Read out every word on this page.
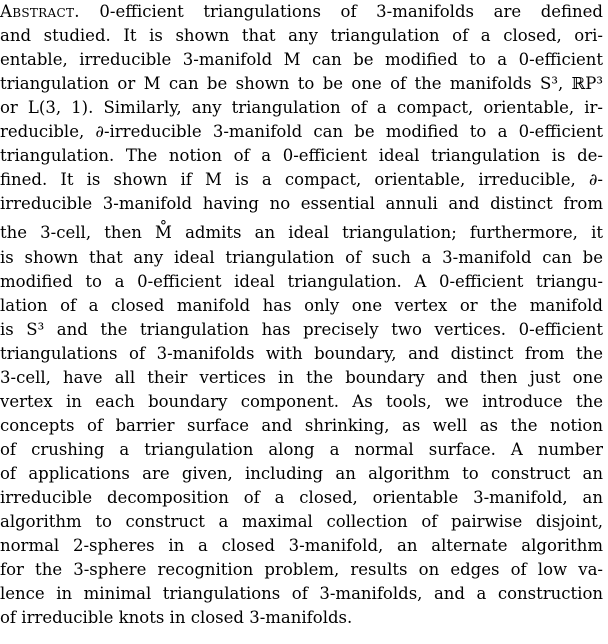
Abstract. 0-efficient triangulations of 3-manifolds are defined
and studied. It is shown that any triangulation of a closed, ori-
entable, irreducible 3-manifold M can be modified to a 0-efficient
triangulation or M can be shown to be one of the manifolds S³, ℝP³
or L(3, 1). Similarly, any triangulation of a compact, orientable, ir-
reducible, ∂-irreducible 3-manifold can be modified to a 0-efficient
triangulation. The notion of a 0-efficient ideal triangulation is de-
fined. It is shown if M is a compact, orientable, irreducible, ∂-
irreducible 3-manifold having no essential annuli and distinct from
the 3-cell, then M̊ admits an ideal triangulation; furthermore, it
is shown that any ideal triangulation of such a 3-manifold can be
modified to a 0-efficient ideal triangulation. A 0-efficient triangu-
lation of a closed manifold has only one vertex or the manifold
is S³ and the triangulation has precisely two vertices. 0-efficient
triangulations of 3-manifolds with boundary, and distinct from the
3-cell, have all their vertices in the boundary and then just one
vertex in each boundary component. As tools, we introduce the
concepts of barrier surface and shrinking, as well as the notion
of crushing a triangulation along a normal surface. A number
of applications are given, including an algorithm to construct an
irreducible decomposition of a closed, orientable 3-manifold, an
algorithm to construct a maximal collection of pairwise disjoint,
normal 2-spheres in a closed 3-manifold, an alternate algorithm
for the 3-sphere recognition problem, results on edges of low va-
lence in minimal triangulations of 3-manifolds, and a construction
of irreducible knots in closed 3-manifolds.
